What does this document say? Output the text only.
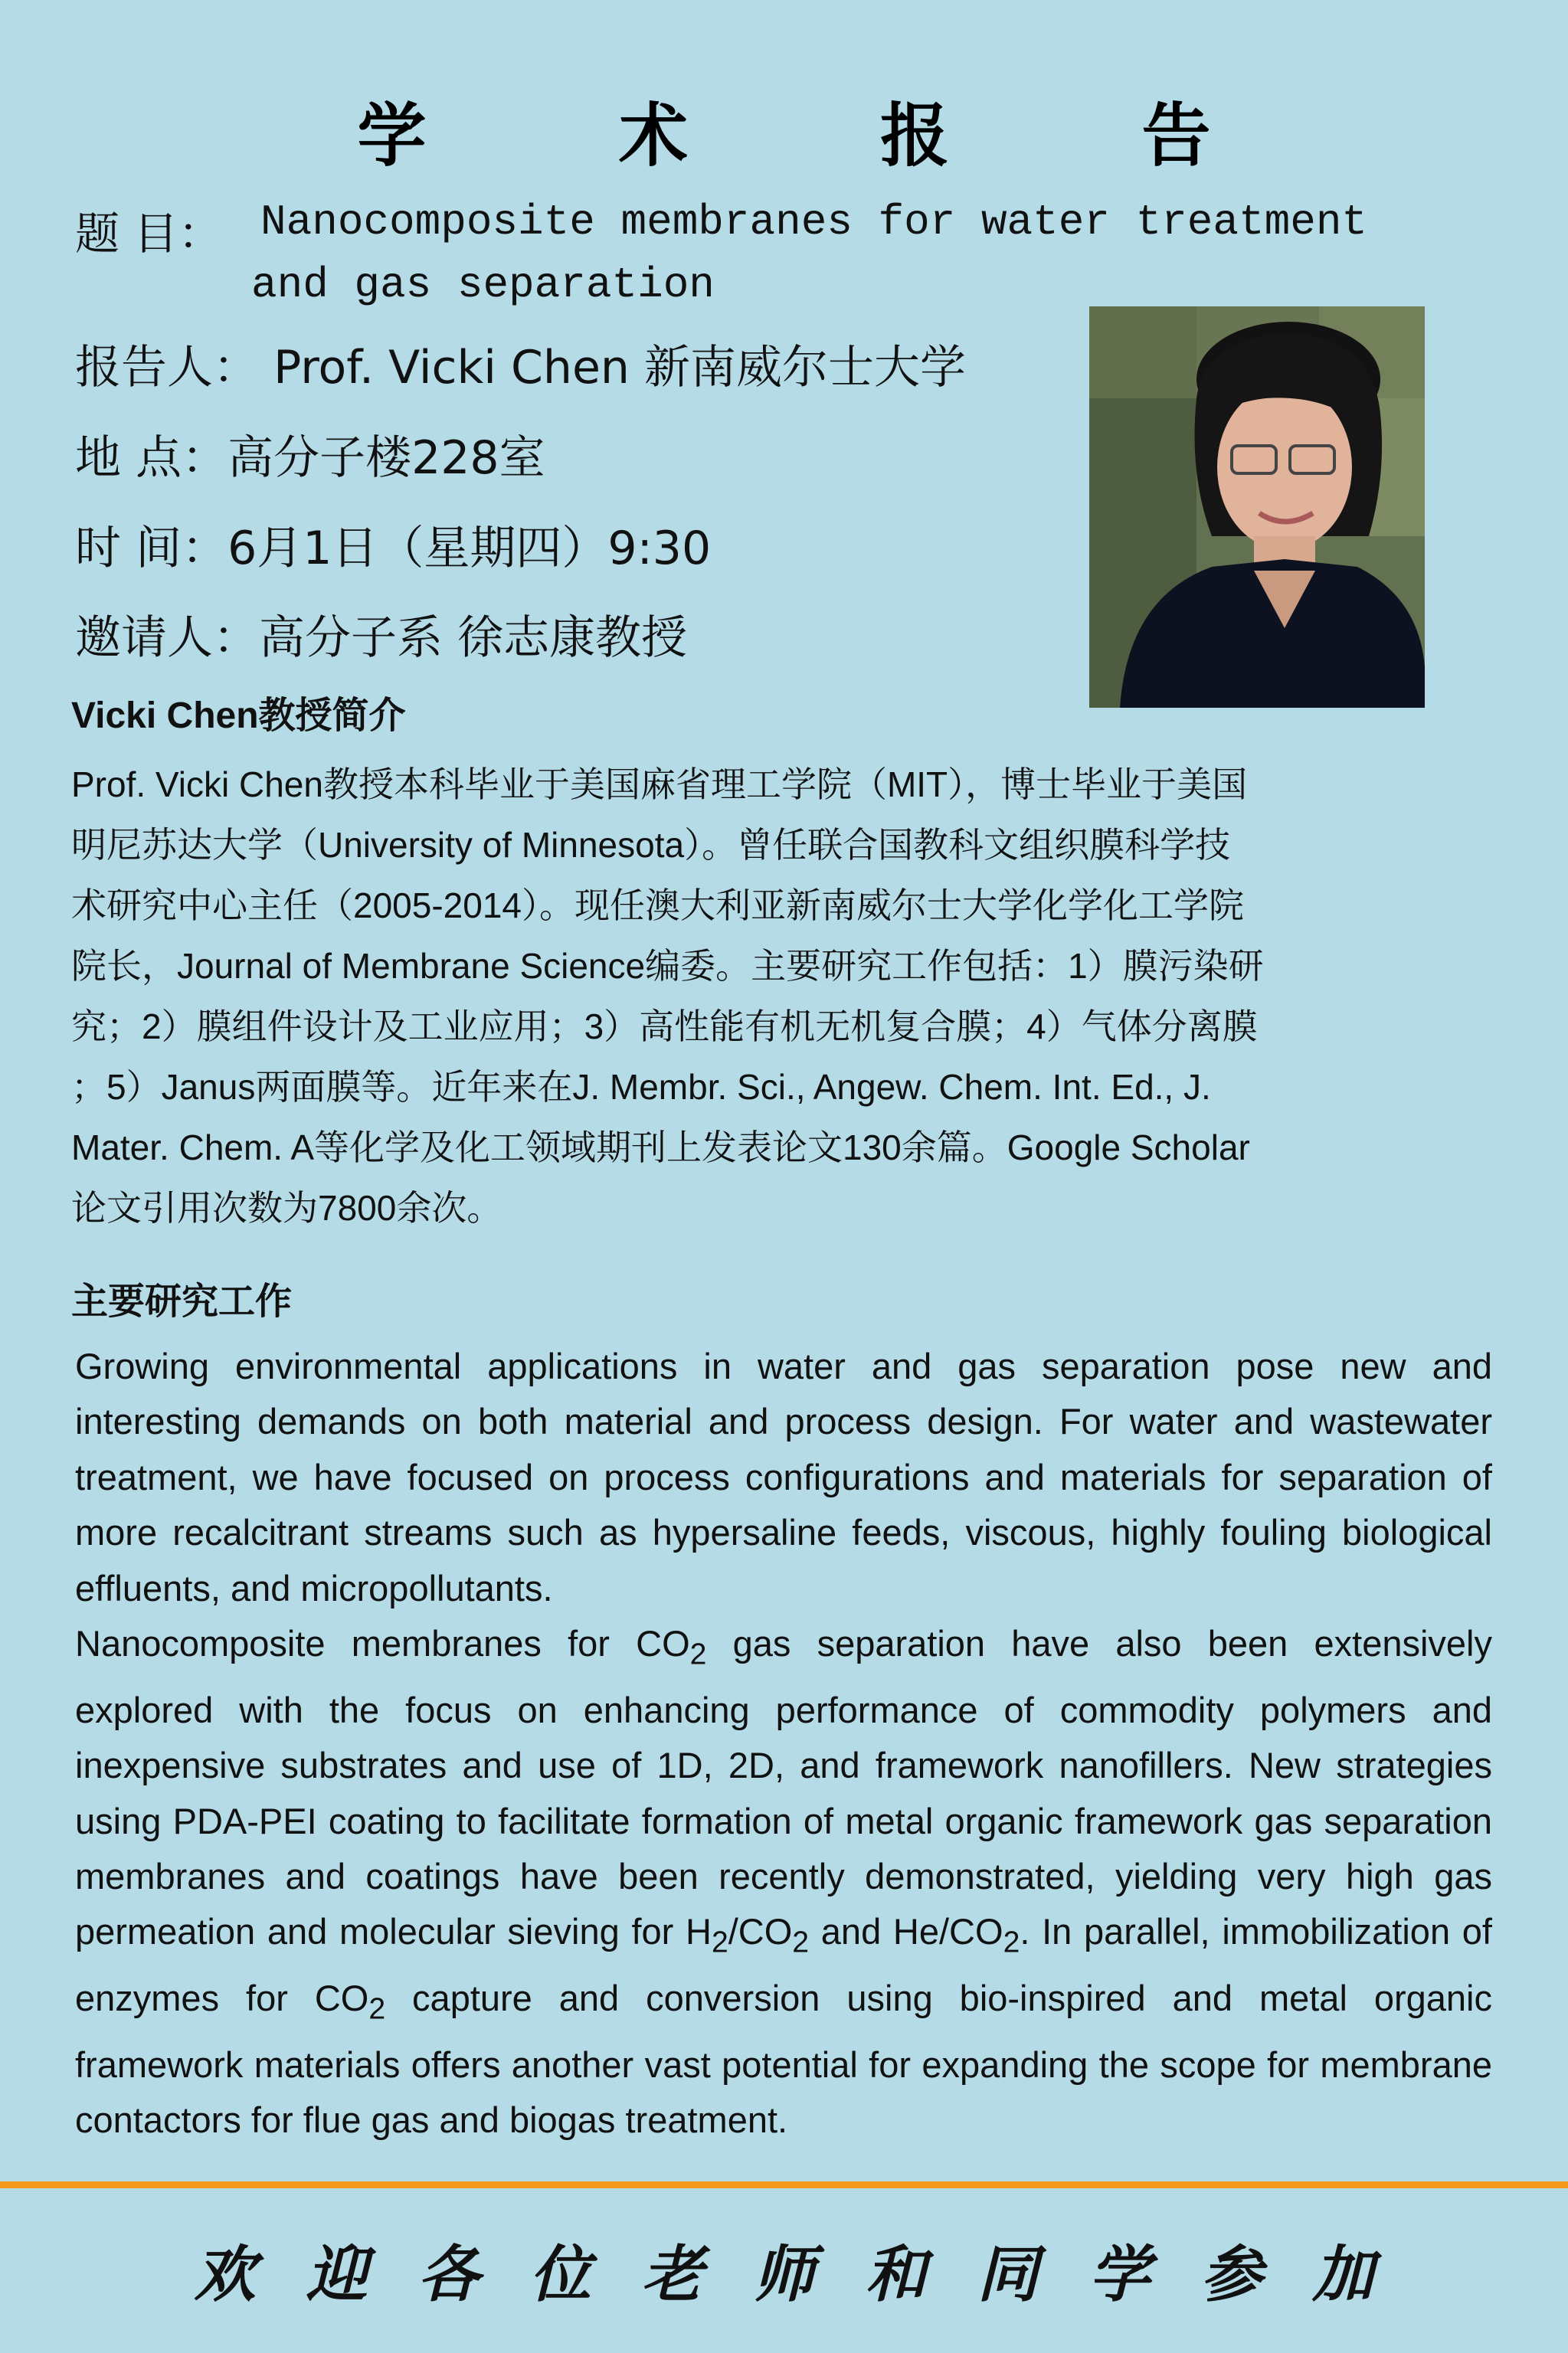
学 术 报 告
题 目： Nanocomposite membranes for water treatment
and gas separation
报告人： Prof. Vicki Chen 新南威尔士大学
地 点：高分子楼228室
时 间：6月1日（星期四）9:30
邀请人：高分子系 徐志康教授
Vicki Chen教授简介
Prof. Vicki Chen教授本科毕业于美国麻省理工学院（MIT），博士毕业于美国
明尼苏达大学（University of Minnesota）。曾任联合国教科文组织膜科学技
术研究中心主任（2005-2014）。现任澳大利亚新南威尔士大学化学化工学院
院长，Journal of Membrane Science编委。主要研究工作包括：1）膜污染研
究；2）膜组件设计及工业应用；3）高性能有机无机复合膜；4）气体分离膜
；5）Janus两面膜等。近年来在J. Membr. Sci., Angew. Chem. Int. Ed., J.
Mater. Chem. A等化学及化工领域期刊上发表论文130余篇。Google Scholar
论文引用次数为7800余次。
主要研究工作

Growing environmental applications in water and gas separation pose new and interesting demands on both material and process design. For water and wastewater treatment, we have focused on process configurations and materials for separation of more recalcitrant streams such as hypersaline feeds, viscous, highly fouling biological effluents, and micropollutants.

Nanocomposite membranes for $CO_2$ gas separation have also been extensively explored with the focus on enhancing performance of commodity polymers and inexpensive substrates and use of 1D, 2D, and framework nanofillers. New strategies using PDA-PEI coating to facilitate formation of metal organic framework gas separation membranes and coatings have been recently demonstrated, yielding very high gas permeation and molecular sieving for $H_2/CO_2$ and $He/CO_2$. In parallel, immobilization of enzymes for $CO_2$ capture and conversion using bio-inspired and metal organic framework materials offers another vast potential for expanding the scope for membrane contactors for flue gas and biogas treatment.

欢迎各位老师和同学参加
